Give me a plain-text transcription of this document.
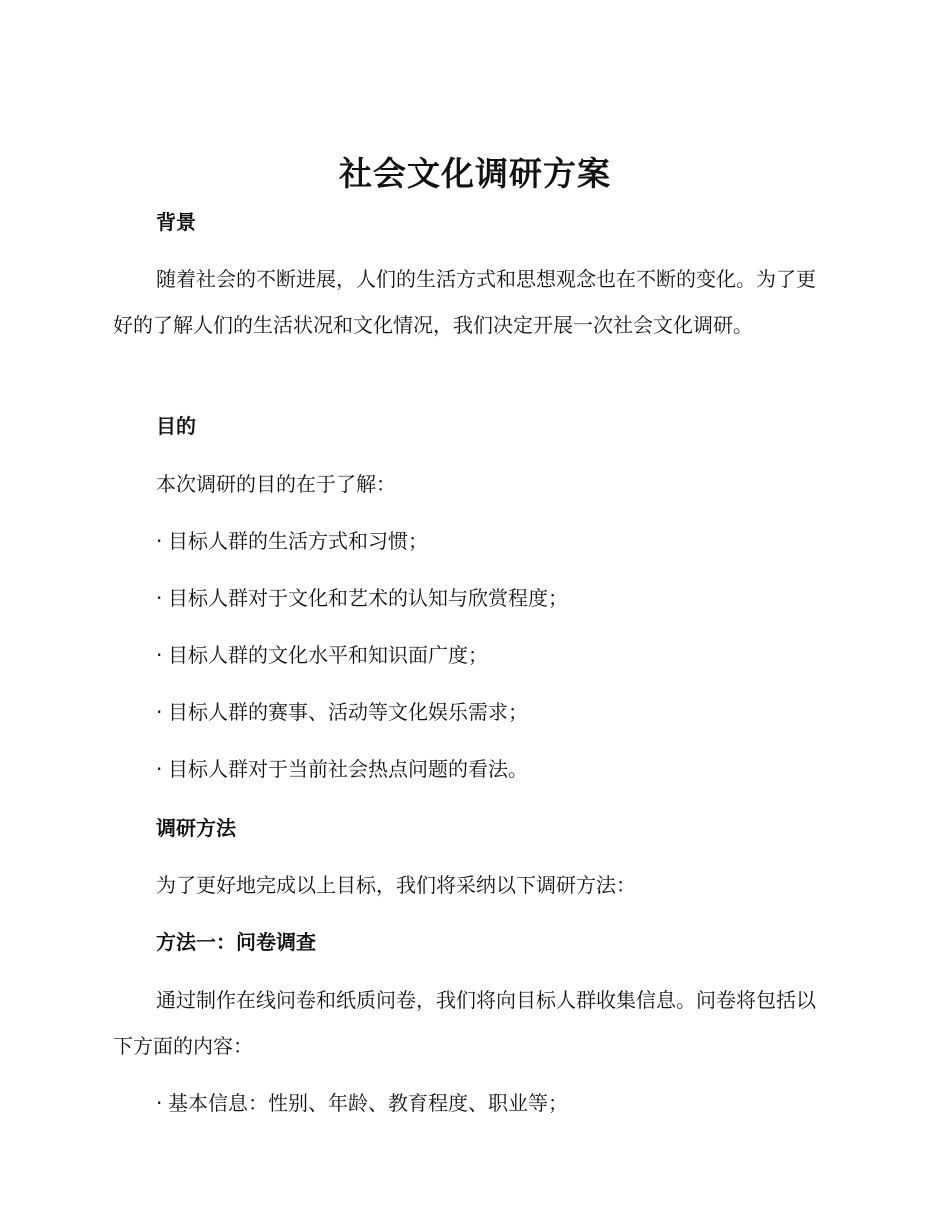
社会文化调研方案
背景
随着社会的不断进展，人们的生活方式和思想观念也在不断的变化。为了更好的了解人们的生活状况和文化情况，我们决定开展一次社会文化调研。
目的
本次调研的目的在于了解：
· 目标人群的生活方式和习惯；
· 目标人群对于文化和艺术的认知与欣赏程度；
· 目标人群的文化水平和知识面广度；
· 目标人群的赛事、活动等文化娱乐需求；
· 目标人群对于当前社会热点问题的看法。
调研方法
为了更好地完成以上目标，我们将采纳以下调研方法：
方法一：问卷调查
通过制作在线问卷和纸质问卷，我们将向目标人群收集信息。问卷将包括以下方面的内容：
· 基本信息：性别、年龄、教育程度、职业等；
